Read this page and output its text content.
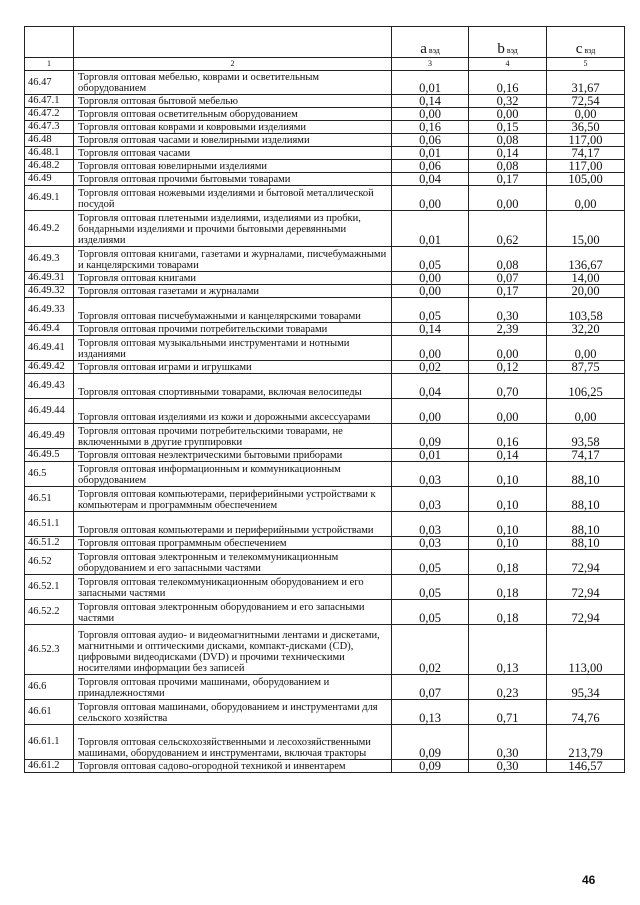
		a вэд	b вэд	c вэд
1	2	3	4	5
46.47	Торговля оптовая мебелью, коврами и осветительным оборудованием	0,01	0,16	31,67
46.47.1	Торговля оптовая бытовой мебелью	0,14	0,32	72,54
46.47.2	Торговля оптовая осветительным оборудованием	0,00	0,00	0,00
46.47.3	Торговля оптовая коврами и ковровыми изделиями	0,16	0,15	36,50
46.48	Торговля оптовая часами и ювелирными изделиями	0,06	0,08	117,00
46.48.1	Торговля оптовая часами	0,01	0,14	74,17
46.48.2	Торговля оптовая ювелирными изделиями	0,06	0,08	117,00
46.49	Торговля оптовая прочими бытовыми товарами	0,04	0,17	105,00
46.49.1	Торговля оптовая ножевыми изделиями и бытовой металлической посудой	0,00	0,00	0,00
46.49.2	Торговля оптовая плетеными изделиями, изделиями из пробки, бондарными изделиями и прочими бытовыми деревянными изделиями	0,01	0,62	15,00
46.49.3	Торговля оптовая книгами, газетами и журналами, писчебумажными и канцелярскими товарами	0,05	0,08	136,67
46.49.31	Торговля оптовая книгами	0,00	0,07	14,00
46.49.32	Торговля оптовая газетами и журналами	0,00	0,17	20,00
46.49.33	Торговля оптовая писчебумажными и канцелярскими товарами	0,05	0,30	103,58
46.49.4	Торговля оптовая прочими потребительскими товарами	0,14	2,39	32,20
46.49.41	Торговля оптовая музыкальными инструментами и нотными изданиями	0,00	0,00	0,00
46.49.42	Торговля оптовая играми и игрушками	0,02	0,12	87,75
46.49.43	Торговля оптовая спортивными товарами, включая велосипеды	0,04	0,70	106,25
46.49.44	Торговля оптовая изделиями из кожи и дорожными аксессуарами	0,00	0,00	0,00
46.49.49	Торговля оптовая прочими потребительскими товарами, не включенными в другие группировки	0,09	0,16	93,58
46.49.5	Торговля оптовая неэлектрическими бытовыми приборами	0,01	0,14	74,17
46.5	Торговля оптовая информационным и коммуникационным оборудованием	0,03	0,10	88,10
46.51	Торговля оптовая компьютерами, периферийными устройствами к компьютерам и программным обеспечением	0,03	0,10	88,10
46.51.1	Торговля оптовая компьютерами и периферийными устройствами	0,03	0,10	88,10
46.51.2	Торговля оптовая программным обеспечением	0,03	0,10	88,10
46.52	Торговля оптовая электронным и телекоммуникационным оборудованием и его запасными частями	0,05	0,18	72,94
46.52.1	Торговля оптовая телекоммуникационным оборудованием и его запасными частями	0,05	0,18	72,94
46.52.2	Торговля оптовая электронным оборудованием и его запасными частями	0,05	0,18	72,94
46.52.3	Торговля оптовая аудио- и видеомагнитными лентами и дискетами, магнитными и оптическими дисками, компакт-дисками (CD), цифровыми видеодисками (DVD) и прочими техническими носителями информации без записей	0,02	0,13	113,00
46.6	Торговля оптовая прочими машинами, оборудованием и принадлежностями	0,07	0,23	95,34
46.61	Торговля оптовая машинами, оборудованием и инструментами для сельского хозяйства	0,13	0,71	74,76
46.61.1	Торговля оптовая сельскохозяйственными и лесохозяйственными машинами, оборудованием и инструментами, включая тракторы	0,09	0,30	213,79
46.61.2	Торговля оптовая садово-огородной техникой и инвентарем	0,09	0,30	146,57
46
